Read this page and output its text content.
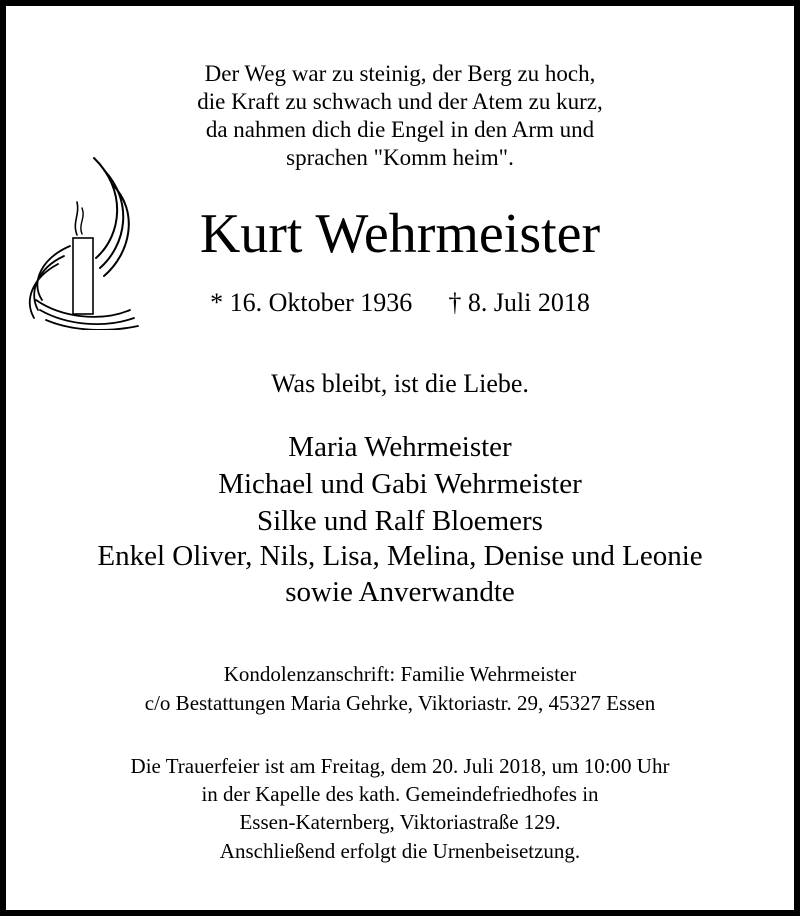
Der Weg war zu steinig, der Berg zu hoch,
die Kraft zu schwach und der Atem zu kurz,
da nahmen dich die Engel in den Arm und
sprachen "Komm heim".
Kurt Wehrmeister
* 16. Oktober 1936 † 8. Juli 2018
Was bleibt, ist die Liebe.
Maria Wehrmeister
Michael und Gabi Wehrmeister
Silke und Ralf Bloemers
Enkel Oliver, Nils, Lisa, Melina, Denise und Leonie
sowie Anverwandte
Kondolenzanschrift: Familie Wehrmeister
c/o Bestattungen Maria Gehrke, Viktoriastr. 29, 45327 Essen
Die Trauerfeier ist am Freitag, dem 20. Juli 2018, um 10:00 Uhr
in der Kapelle des kath. Gemeindefriedhofes in
Essen-Katernberg, Viktoriastraße 129.
Anschließend erfolgt die Urnenbeisetzung.
